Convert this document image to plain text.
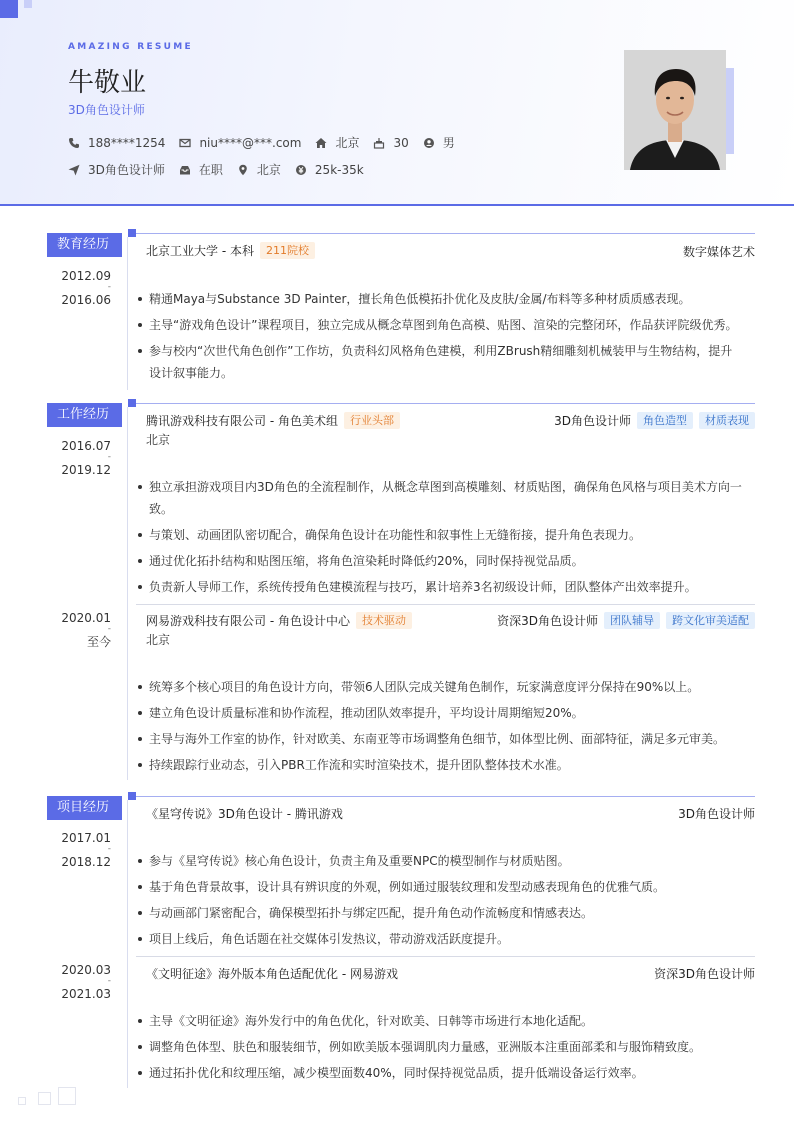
AMAZING RESUME
牛敬业
3D角色设计师
188****1254	niu****@***.com	北京	30	男
3D角色设计师	在职	北京	25k-35k
教育经历
2012.09
-
2016.06
北京工业大学 - 本科	211院校	数字媒体艺术
精通Maya与Substance 3D Painter，擅长角色低模拓扑优化及皮肤/金属/布料等多种材质质感表现。
主导“游戏角色设计”课程项目，独立完成从概念草图到角色高模、贴图、渲染的完整闭环，作品获评院级优秀。
参与校内“次世代角色创作”工作坊，负责科幻风格角色建模，利用ZBrush精细雕刻机械装甲与生物结构，提升设计叙事能力。
工作经历
2016.07
-
2019.12
腾讯游戏科技有限公司 - 角色美术组	行业头部	3D角色设计师	角色造型	材质表现
北京
独立承担游戏项目内3D角色的全流程制作，从概念草图到高模雕刻、材质贴图，确保角色风格与项目美术方向一致。
与策划、动画团队密切配合，确保角色设计在功能性和叙事性上无缝衔接，提升角色表现力。
通过优化拓扑结构和贴图压缩，将角色渲染耗时降低约20%，同时保持视觉品质。
负责新人导师工作，系统传授角色建模流程与技巧，累计培养3名初级设计师，团队整体产出效率提升。
2020.01
-
至今
网易游戏科技有限公司 - 角色设计中心	技术驱动	资深3D角色设计师	团队辅导	跨文化审美适配
北京
统筹多个核心项目的角色设计方向，带领6人团队完成关键角色制作，玩家满意度评分保持在90%以上。
建立角色设计质量标准和协作流程，推动团队效率提升，平均设计周期缩短20%。
主导与海外工作室的协作，针对欧美、东南亚等市场调整角色细节，如体型比例、面部特征，满足多元审美。
持续跟踪行业动态，引入PBR工作流和实时渲染技术，提升团队整体技术水准。
项目经历
2017.01
-
2018.12
《星穹传说》3D角色设计 - 腾讯游戏	3D角色设计师
参与《星穹传说》核心角色设计，负责主角及重要NPC的模型制作与材质贴图。
基于角色背景故事，设计具有辨识度的外观，例如通过服装纹理和发型动感表现角色的优雅气质。
与动画部门紧密配合，确保模型拓扑与绑定匹配，提升角色动作流畅度和情感表达。
项目上线后，角色话题在社交媒体引发热议，带动游戏活跃度提升。
2020.03
-
2021.03
《文明征途》海外版本角色适配优化 - 网易游戏	资深3D角色设计师
主导《文明征途》海外发行中的角色优化，针对欧美、日韩等市场进行本地化适配。
调整角色体型、肤色和服装细节，例如欧美版本强调肌肉力量感，亚洲版本注重面部柔和与服饰精致度。
通过拓扑优化和纹理压缩，减少模型面数40%，同时保持视觉品质，提升低端设备运行效率。
